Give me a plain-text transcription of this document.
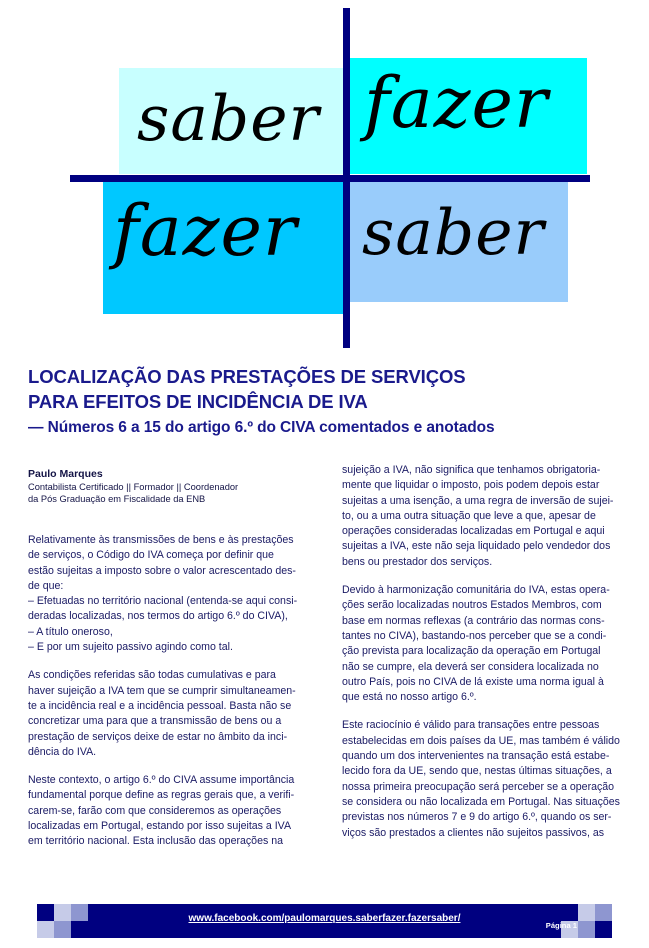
saber fazer
fazer saber
LOCALIZAÇÃO DAS PRESTAÇÕES DE SERVIÇOS
PARA EFEITOS DE INCIDÊNCIA DE IVA
— Números 6 a 15 do artigo 6.º do CIVA comentados e anotados
Paulo Marques
Contabilista Certificado || Formador || Coordenador
da Pós Graduação em Fiscalidade da ENB
Relativamente às transmissões de bens e às prestações
de serviços, o Código do IVA começa por definir que
estão sujeitas a imposto sobre o valor acrescentado des-
de que:
– Efetuadas no território nacional (entenda-se aqui consi-
deradas localizadas, nos termos do artigo 6.º do CIVA),
– A título oneroso,
– E por um sujeito passivo agindo como tal.
As condições referidas são todas cumulativas e para
haver sujeição a IVA tem que se cumprir simultaneamen-
te a incidência real e a incidência pessoal. Basta não se
concretizar uma para que a transmissão de bens ou a
prestação de serviços deixe de estar no âmbito da inci-
dência do IVA.
Neste contexto, o artigo 6.º do CIVA assume importância
fundamental porque define as regras gerais que, a verifi-
carem-se, farão com que consideremos as operações
localizadas em Portugal, estando por isso sujeitas a IVA
em território nacional. Esta inclusão das operações na
sujeição a IVA, não significa que tenhamos obrigatoria-
mente que liquidar o imposto, pois podem depois estar
sujeitas a uma isenção, a uma regra de inversão de sujei-
to, ou a uma outra situação que leve a que, apesar de
operações consideradas localizadas em Portugal e aqui
sujeitas a IVA, este não seja liquidado pelo vendedor dos
bens ou prestador dos serviços.
Devido à harmonização comunitária do IVA, estas opera-
ções serão localizadas noutros Estados Membros, com
base em normas reflexas (a contrário das normas cons-
tantes no CIVA), bastando-nos perceber que se a condi-
ção prevista para localização da operação em Portugal
não se cumpre, ela deverá ser considera localizada no
outro País, pois no CIVA de lá existe uma norma igual à
que está no nosso artigo 6.º.
Este raciocínio é válido para transações entre pessoas
estabelecidas em dois países da UE, mas também é válido
quando um dos intervenientes na transação está estabe-
lecido fora da UE, sendo que, nestas últimas situações, a
nossa primeira preocupação será perceber se a operação
se considera ou não localizada em Portugal. Nas situações
previstas nos números 7 e 9 do artigo 6.º, quando os ser-
viços são prestados a clientes não sujeitos passivos, as
www.facebook.com/paulomarques.saberfazer.fazersaber/
Página 1
